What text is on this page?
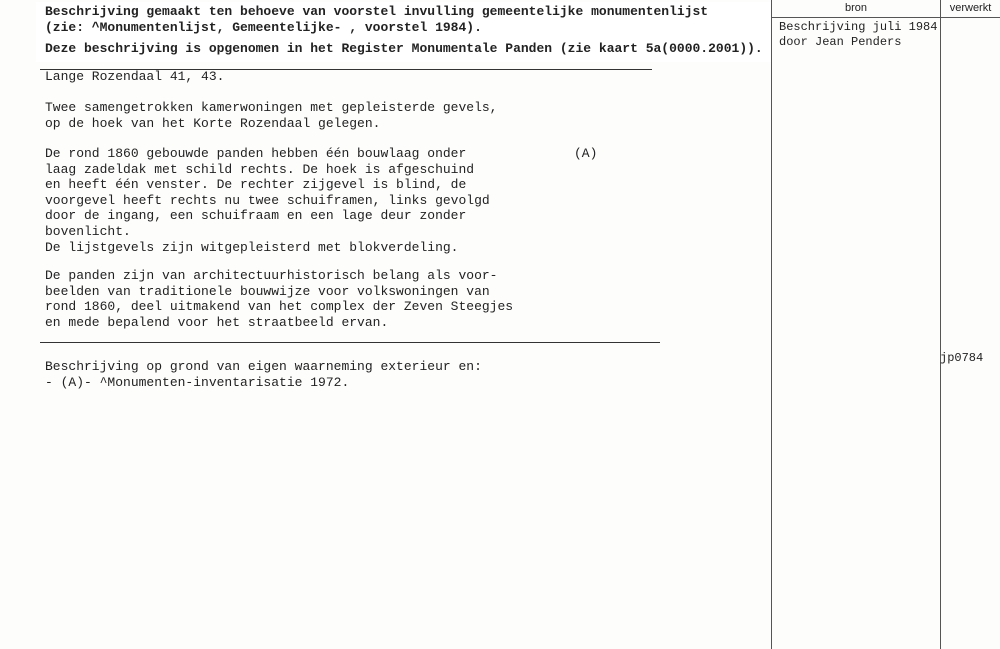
Beschrijving gemaakt ten behoeve van voorstel invulling gemeentelijke monumentenlijst
(zie: ^Monumentenlijst, Gemeentelijke- , voorstel 1984).
Deze beschrijving is opgenomen in het Register Monumentale Panden (zie kaart 5a(0000.2001)).
Lange Rozendaal 41, 43.
Twee samengetrokken kamerwoningen met gepleisterde gevels,
op de hoek van het Korte Rozendaal gelegen.
De rond 1860 gebouwde panden hebben één bouwlaag onder
laag zadeldak met schild rechts. De hoek is afgeschuind
en heeft één venster. De rechter zijgevel is blind, de
voorgevel heeft rechts nu twee schuiframen, links gevolgd
door de ingang, een schuifraam en een lage deur zonder
bovenlicht.
De lijstgevels zijn witgepleisterd met blokverdeling.
(A)
De panden zijn van architectuurhistorisch belang als voor-
beelden van traditionele bouwwijze voor volkswoningen van
rond 1860, deel uitmakend van het complex der Zeven Steegjes
en mede bepalend voor het straatbeeld ervan.
Beschrijving op grond van eigen waarneming exterieur en:
- (A)- ^Monumenten-inventarisatie 1972.
bron	verwerkt
Beschrijving juli 1984
door Jean Penders
jp0784
